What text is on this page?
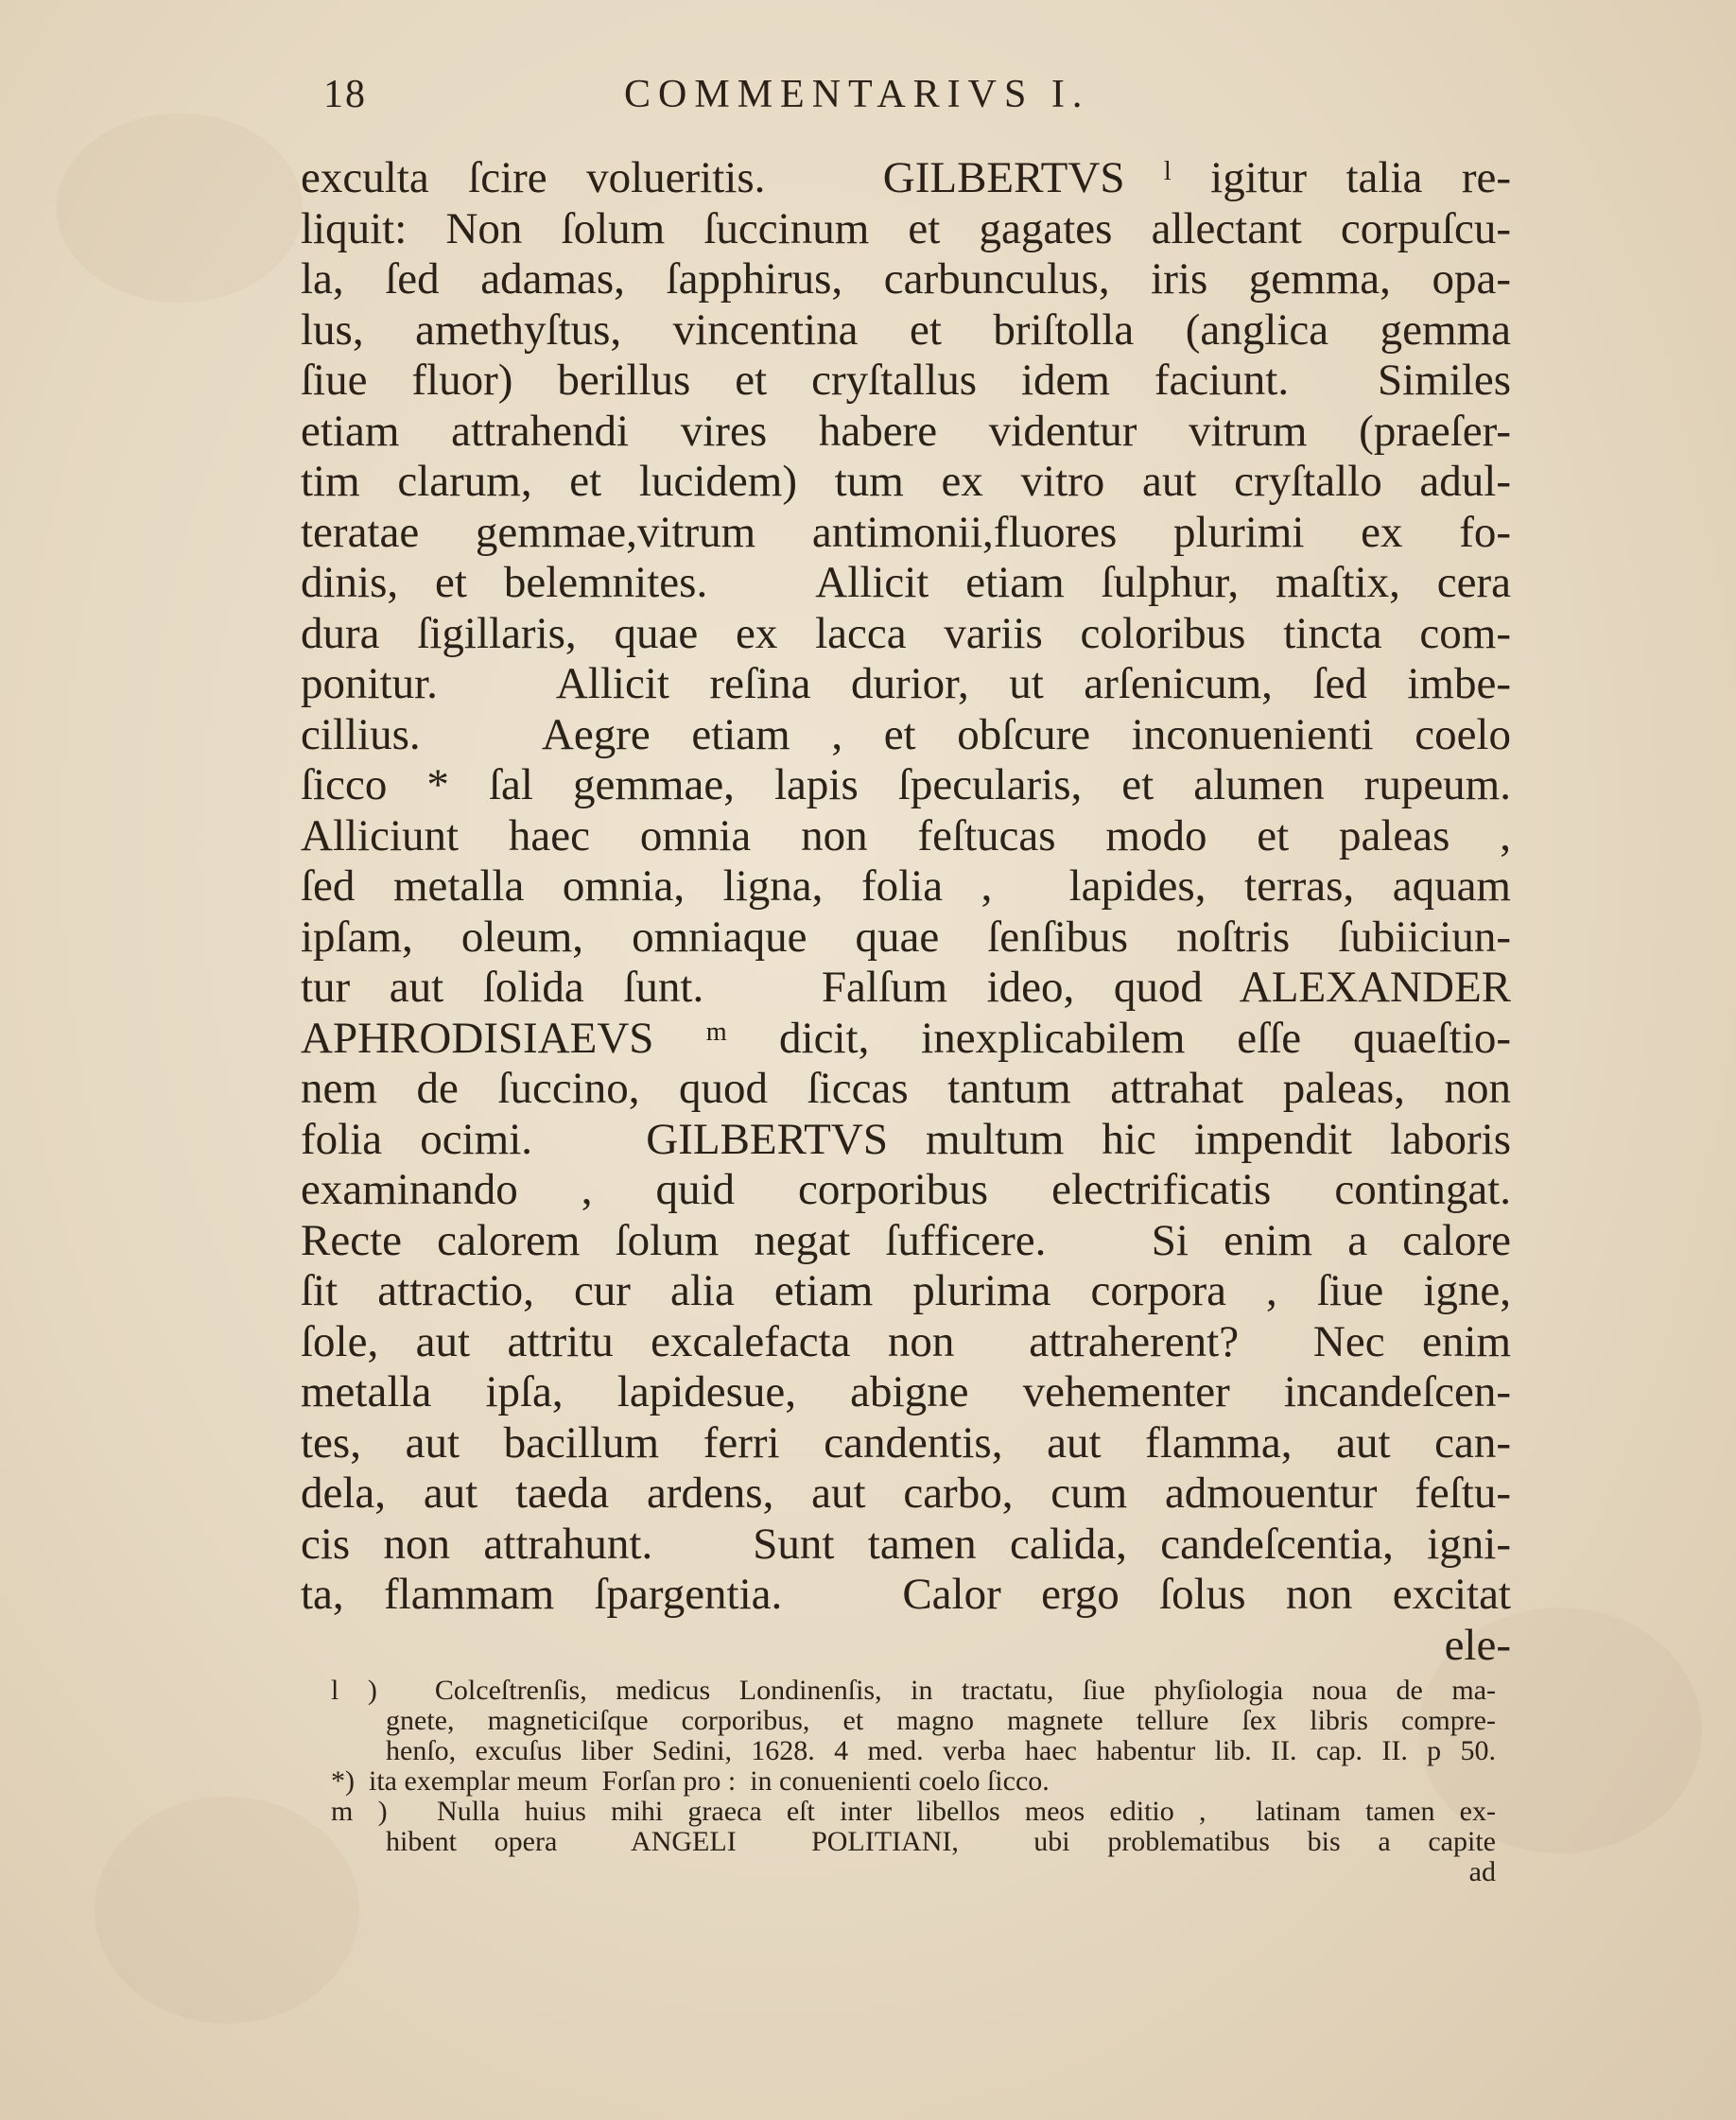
18	COMMENTARIVS I.
exculta ſcire volueritis.   GILBERTVS ˡ igitur talia re-
liquit: Non ſolum ſuccinum et gagates allectant corpuſcu-
la, ſed adamas, ſapphirus, carbunculus, iris gemma, opa-
lus, amethyſtus, vincentina et briſtolla (anglica gemma
ſiue fluor) berillus et cryſtallus idem faciunt.  Similes
etiam attrahendi vires habere videntur vitrum (praeſer-
tim clarum, et lucidem) tum ex vitro aut cryſtallo adul-
teratae gemmae,vitrum antimonii,fluores plurimi ex fo-
dinis, et belemnites.   Allicit etiam ſulphur, maſtix, cera
dura ſigillaris, quae ex lacca variis coloribus tincta com-
ponitur.   Allicit reſina durior, ut arſenicum, ſed imbe-
cillius.   Aegre etiam , et obſcure inconuenienti coelo
ſicco * ſal gemmae, lapis ſpecularis, et alumen rupeum.
Alliciunt haec omnia non feſtucas modo et paleas ,
ſed metalla omnia, ligna, folia ,  lapides, terras, aquam
ipſam, oleum, omniaque quae ſenſibus noſtris ſubiiciun-
tur aut ſolida ſunt.   Falſum ideo, quod ALEXANDER
APHRODISIAEVS ᵐ dicit, inexplicabilem eſſe quaeſtio-
nem de ſuccino, quod ſiccas tantum attrahat paleas, non
folia ocimi.   GILBERTVS multum hic impendit laboris
examinando , quid corporibus electrificatis contingat.
Recte calorem ſolum negat ſufficere.   Si enim a calore
ſit attractio, cur alia etiam plurima corpora , ſiue igne,
ſole, aut attritu excalefacta non  attraherent?  Nec enim
metalla ipſa, lapidesue, abigne vehementer incandeſcen-
tes, aut bacillum ferri candentis, aut flamma, aut can-
dela, aut taeda ardens, aut carbo, cum admouentur feſtu-
cis non attrahunt.   Sunt tamen calida, candeſcentia, igni-
ta, flammam ſpargentia.   Calor ergo ſolus non excitat
ele-
l )  Colceſtrenſis, medicus Londinenſis, in tractatu, ſiue phyſiologia noua de ma-
gnete, magneticiſque corporibus, et magno magnete tellure ſex libris compre-
henſo, excuſus liber Sedini, 1628. 4 med. verba haec habentur lib. II. cap. II. p 50.
*)  ita exemplar meum  Forſan pro :  in conuenienti coelo ſicco.
m )  Nulla huius mihi graeca eſt inter libellos meos editio ,  latinam tamen ex-
hibent opera  ANGELI  POLITIANI,  ubi problematibus bis a capite
ad
